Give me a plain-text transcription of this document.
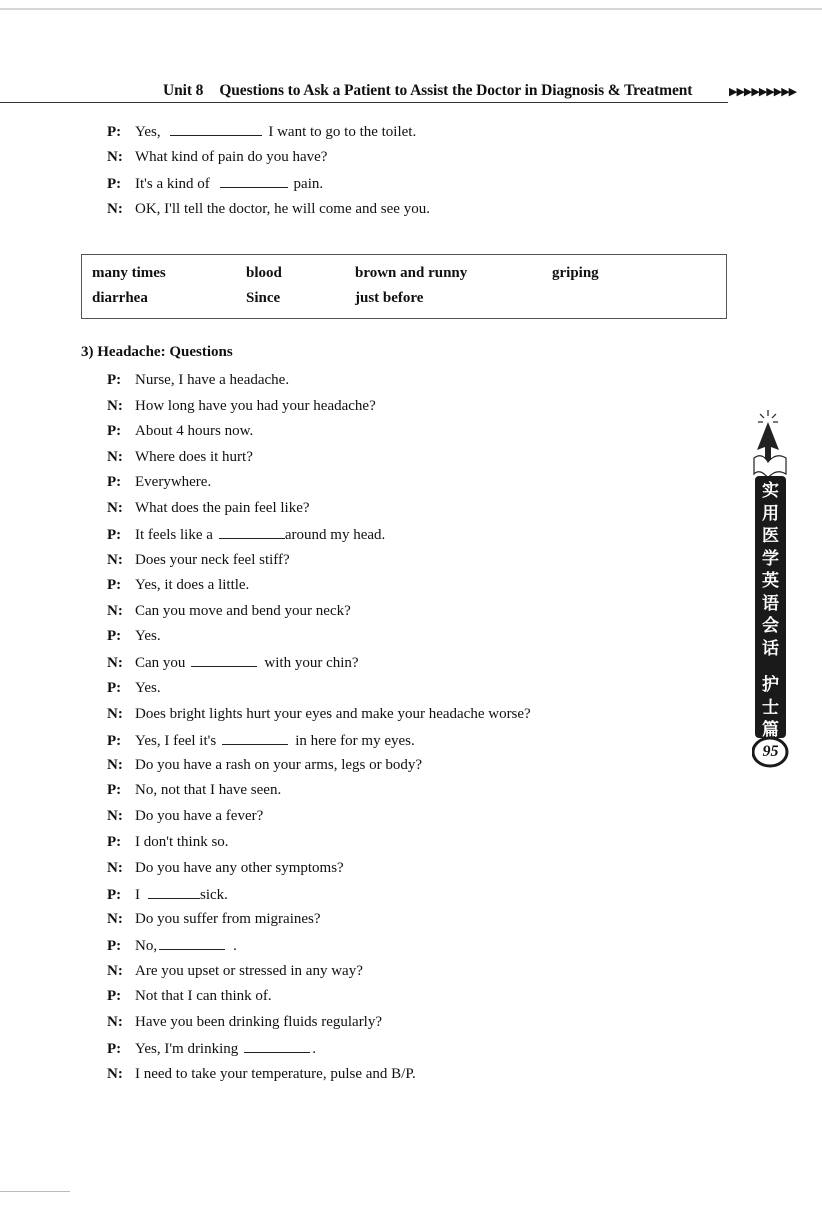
Unit 8 Questions to Ask a Patient to Assist the Doctor in Diagnosis & Treatment	▶▶▶▶▶▶▶▶▶
P: Yes,	I want to go to the toilet.
N: What kind of pain do you have?
P: It's a kind of	pain.
N: OK, I'll tell the doctor, he will come and see you.
many times	blood	brown and runny	griping
diarrhea	Since	just before
3) Headache: Questions
P: Nurse, I have a headache.
N: How long have you had your headache?
P: About 4 hours now.
N: Where does it hurt?
P: Everywhere.
N: What does the pain feel like?
P: It feels like a	around my head.
N: Does your neck feel stiff?
P: Yes, it does a little.
N: Can you move and bend your neck?
P: Yes.
N: Can you	with your chin?
P: Yes.
N: Does bright lights hurt your eyes and make your headache worse?
P: Yes, I feel it's	in here for my eyes.
N: Do you have a rash on your arms, legs or body?
P: No, not that I have seen.
N: Do you have a fever?
P: I don't think so.
N: Do you have any other symptoms?
P: I	sick.
N: Do you suffer from migraines?
P: No,	.
N: Are you upset or stressed in any way?
P: Not that I can think of.
N: Have you been drinking fluids regularly?
P: Yes, I'm drinking	.
N: I need to take your temperature, pulse and B/P.
实
用
医
学
英
语
会
话
护
士
篇
95
